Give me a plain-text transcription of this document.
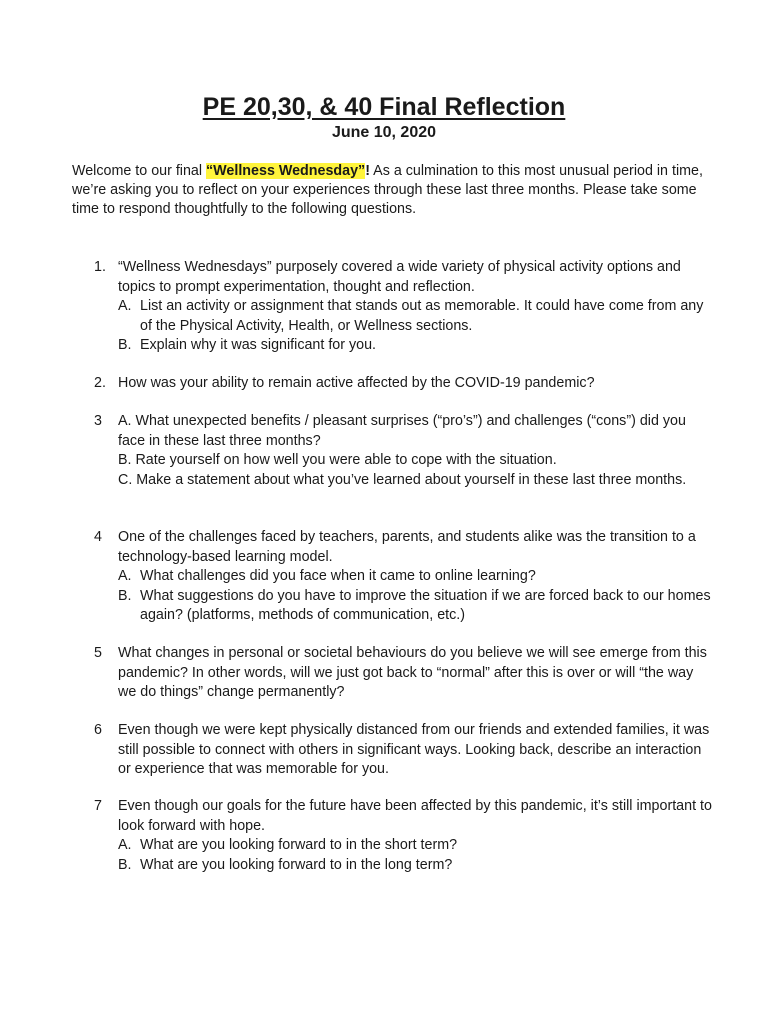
PE 20,30, & 40 Final Reflection
June 10, 2020
Welcome to our final “Wellness Wednesday”! As a culmination to this most unusual period in time, we’re asking you to reflect on your experiences through these last three months. Please take some time to respond thoughtfully to the following questions.
1. “Wellness Wednesdays” purposely covered a wide variety of physical activity options and topics to prompt experimentation, thought and reflection.
A. List an activity or assignment that stands out as memorable. It could have come from any of the Physical Activity, Health, or Wellness sections.
B. Explain why it was significant for you.
2. How was your ability to remain active affected by the COVID-19 pandemic?
3 A. What unexpected benefits / pleasant surprises (“pro’s”) and challenges (“cons”) did you face in these last three months?
B. Rate yourself on how well you were able to cope with the situation.
C. Make a statement about what you’ve learned about yourself in these last three months.
4 One of the challenges faced by teachers, parents, and students alike was the transition to a technology-based learning model.
A. What challenges did you face when it came to online learning?
B. What suggestions do you have to improve the situation if we are forced back to our homes again? (platforms, methods of communication, etc.)
5 What changes in personal or societal behaviours do you believe we will see emerge from this pandemic? In other words, will we just got back to “normal” after this is over or will “the way we do things” change permanently?
6 Even though we were kept physically distanced from our friends and extended families, it was still possible to connect with others in significant ways. Looking back, describe an interaction or experience that was memorable for you.
7 Even though our goals for the future have been affected by this pandemic, it’s still important to look forward with hope.
A. What are you looking forward to in the short term?
B. What are you looking forward to in the long term?
